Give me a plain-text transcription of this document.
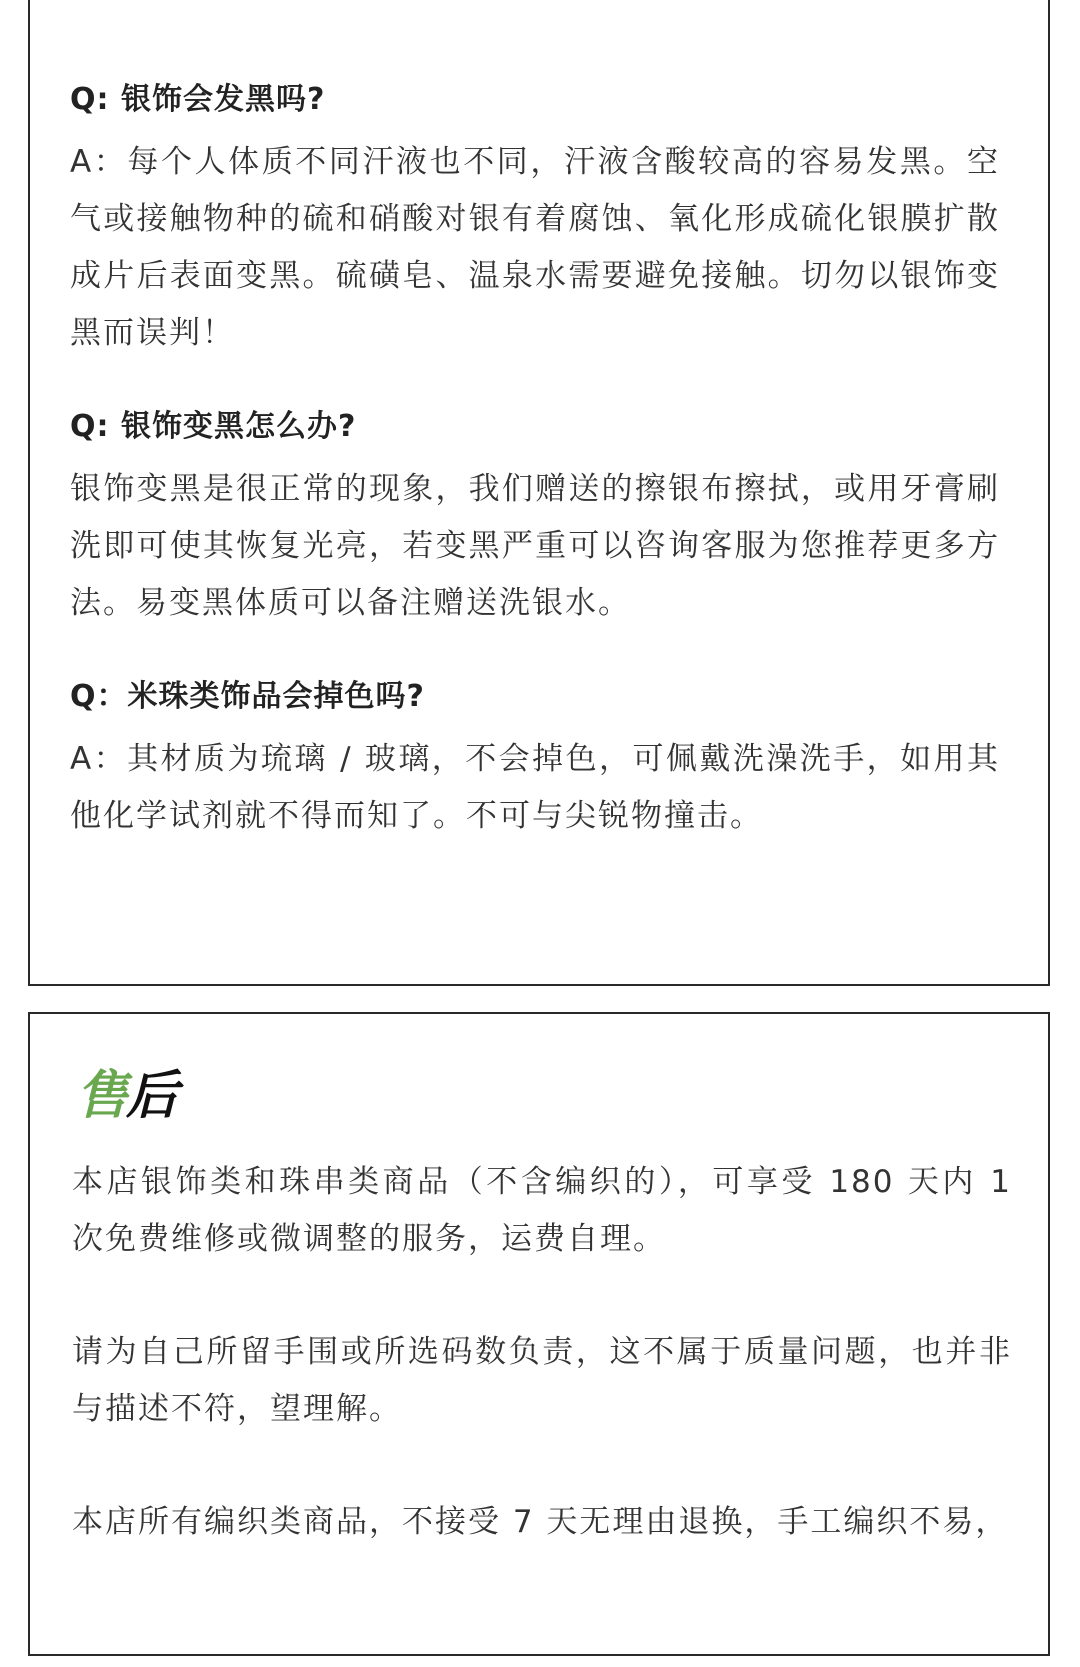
Q: 银饰会发黑吗?
A：每个人体质不同汗液也不同，汗液含酸较高的容易发黑。空气或接触物种的硫和硝酸对银有着腐蚀、氧化形成硫化银膜扩散成片后表面变黑。硫磺皂、温泉水需要避免接触。切勿以银饰变黑而误判！
Q: 银饰变黑怎么办?
银饰变黑是很正常的现象，我们赠送的擦银布擦拭，或用牙膏刷洗即可使其恢复光亮，若变黑严重可以咨询客服为您推荐更多方法。易变黑体质可以备注赠送洗银水。
Q：米珠类饰品会掉色吗?
A：其材质为琉璃 / 玻璃，不会掉色，可佩戴洗澡洗手，如用其他化学试剂就不得而知了。不可与尖锐物撞击。
售 后
本店银饰类和珠串类商品（不含编织的），可享受 180 天内 1 次免费维修或微调整的服务，运费自理。
请为自己所留手围或所选码数负责，这不属于质量问题，也并非与描述不符，望理解。
本店所有编织类商品，不接受 7 天无理由退换，手工编织不易，
